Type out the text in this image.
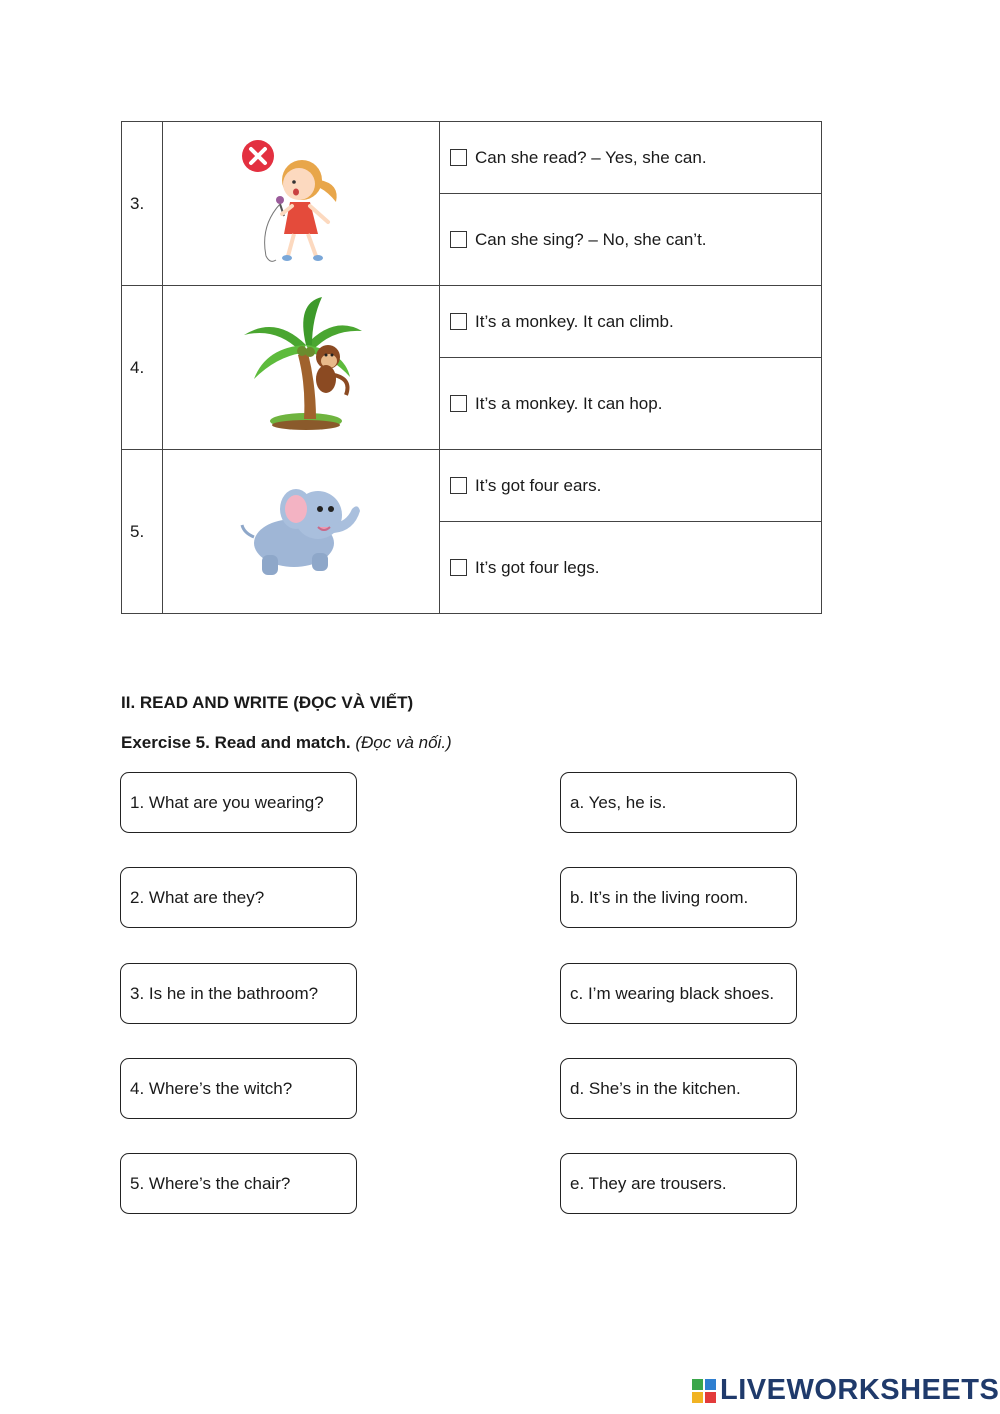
3.		Can she read? – Yes, she can.

		Can she sing? – No, she can’t.

4.		It’s a monkey. It can climb.

		It’s a monkey. It can hop.

5.		It’s got four ears.

		It’s got four legs.
II. READ AND WRITE (ĐỌC VÀ VIẾT)
Exercise 5. Read and match. (Đọc và nối.)
1. What are you wearing?
2. What are they?
3. Is he in the bathroom?
4. Where’s the witch?
5. Where’s the chair?
a. Yes, he is.
b. It’s in the living room.
c. I’m wearing black shoes.
d. She’s in the kitchen.
e. They are trousers.
LIVEWORKSHEETS
